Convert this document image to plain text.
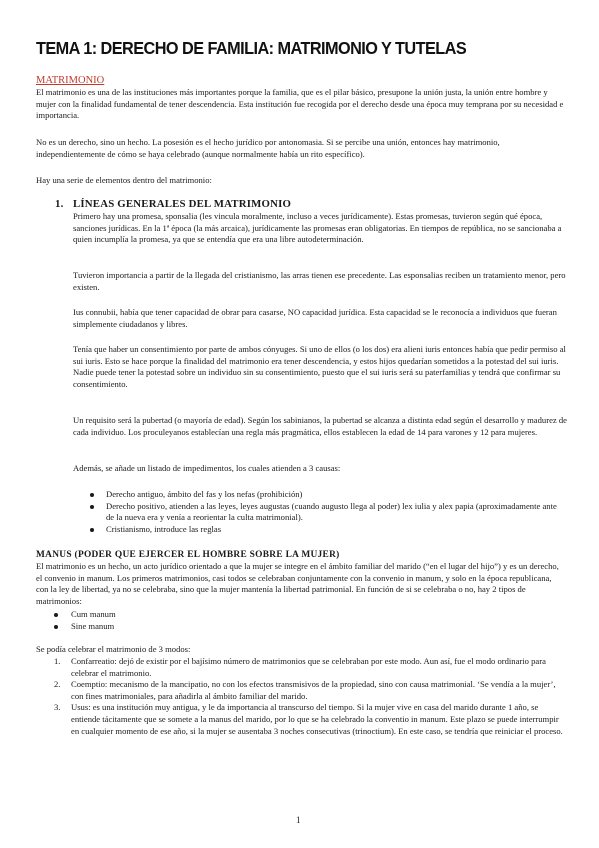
TEMA 1: DERECHO DE FAMILIA: MATRIMONIO Y TUTELAS
MATRIMONIO
El matrimonio es una de las instituciones más importantes porque la familia, que es el pilar básico, presupone la unión justa, la unión entre hombre y mujer con la finalidad fundamental de tener descendencia. Esta institución fue recogida por el derecho desde una época muy temprana por su necesidad e importancia.
No es un derecho, sino un hecho. La posesión es el hecho jurídico por antonomasia. Si se percibe una unión, entonces hay matrimonio, independientemente de cómo se haya celebrado (aunque normalmente había un rito específico).
Hay una serie de elementos dentro del matrimonio:
1. LÍNEAS GENERALES DEL MATRIMONIO
Primero hay una promesa, sponsalia (les vincula moralmente, incluso a veces jurídicamente). Estas promesas, tuvieron según qué época, sanciones jurídicas. En la 1ª época (la más arcaica), jurídicamente las promesas eran obligatorias. En tiempos de república, no se sancionaba a quien incumplía la promesa, ya que se entendía que era una libre autodeterminación.
Tuvieron importancia a partir de la llegada del cristianismo, las arras tienen ese precedente. Las esponsalias reciben un tratamiento menor, pero existen.
Ius connubii, había que tener capacidad de obrar para casarse, NO capacidad jurídica. Esta capacidad se le reconocía a individuos que fueran simplemente ciudadanos y libres.
Tenía que haber un consentimiento por parte de ambos cónyuges. Si uno de ellos (o los dos) era alieni iuris entonces había que pedir permiso al sui iuris. Esto se hace porque la finalidad del matrimonio era tener descendencia, y estos hijos quedarían sometidos a la potestad del sui iuris. Nadie puede tener la potestad sobre un individuo sin su consentimiento, puesto que el sui iuris será su paterfamilias y tendrá que confirmar su consentimiento.
Un requisito será la pubertad (o mayoría de edad). Según los sabinianos, la pubertad se alcanza a distinta edad según el desarrollo y madurez de cada individuo. Los proculeyanos establecían una regla más pragmática, ellos establecen la edad de 14 para varones y 12 para mujeres.
Además, se añade un listado de impedimentos, los cuales atienden a 3 causas:
Derecho antiguo, ámbito del fas y los nefas (prohibición)
Derecho positivo, atienden a las leyes, leyes augustas (cuando augusto llega al poder) lex iulia y alex papia (aproximadamente ante de la nueva era y venía a reorientar la culta matrimonial).
Cristianismo, introduce las reglas
MANUS (PODER QUE EJERCER EL HOMBRE SOBRE LA MUJER)
El matrimonio es un hecho, un acto jurídico orientado a que la mujer se integre en el ámbito familiar del marido (“en el lugar del hijo”) y es un derecho, el convenio in manum. Los primeros matrimonios, casi todos se celebraban conjuntamente con la convenio in manum, y solo en la época republicana, con la ley de libertad, ya no se celebraba, sino que la mujer mantenía la libertad patrimonial. En función de si se celebraba o no, hay 2 tipos de matrimonios:
Cum manum
Sine manum
Se podía celebrar el matrimonio de 3 modos:
1. Confarreatio: dejó de existir por el bajísimo número de matrimonios que se celebraban por este modo. Aun así, fue el modo ordinario para celebrar el matrimonio.
2. Coemptio: mecanismo de la mancipatio, no con los efectos transmisivos de la propiedad, sino con causa matrimonial. ‘Se vendía a la mujer’, con fines matrimoniales, para añadirla al ámbito familiar del marido.
3. Usus: es una institución muy antigua, y le da importancia al transcurso del tiempo. Si la mujer vive en casa del marido durante 1 año, se entiende tácitamente que se somete a la manus del marido, por lo que se ha celebrado la conventio in manum. Este plazo se puede interrumpir en cualquier momento de ese año, si la mujer se ausentaba 3 noches consecutivas (trinoctium). En este caso, se tendría que reiniciar el proceso.
1
